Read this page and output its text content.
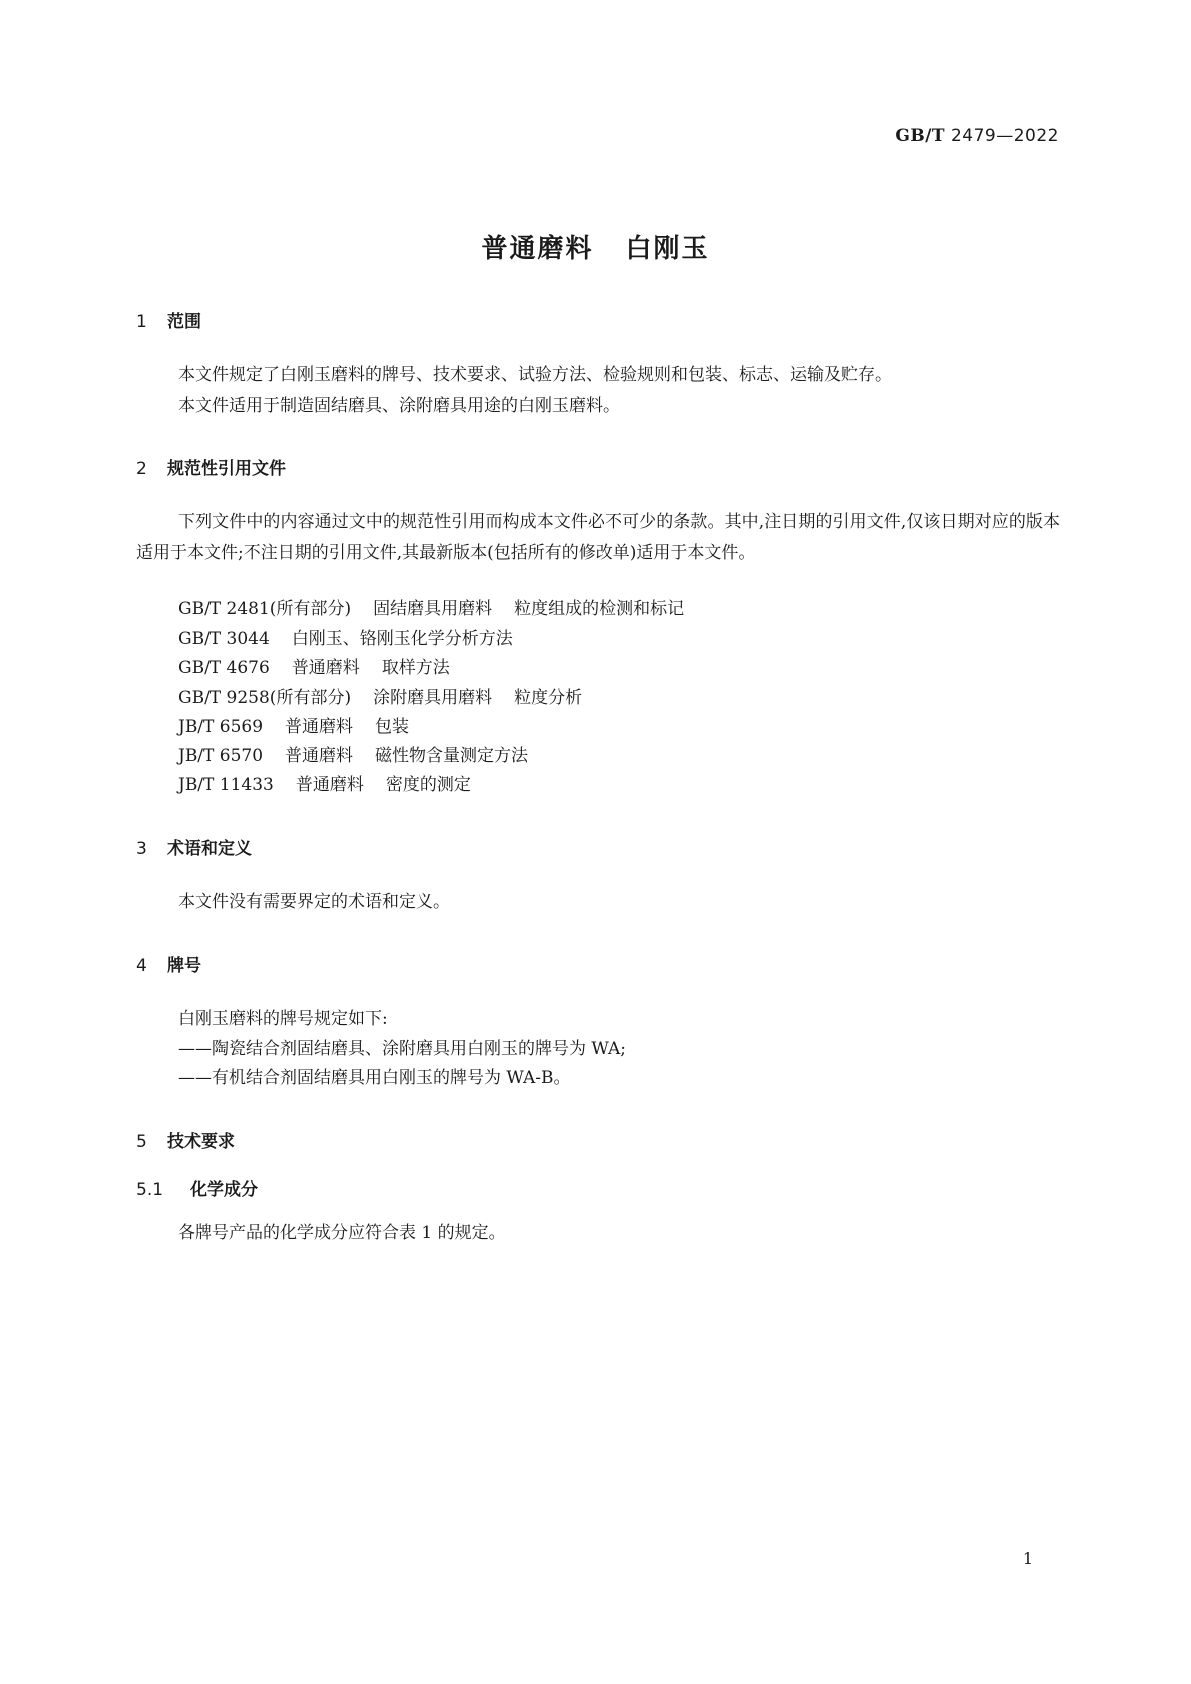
GB/T 2479—2022
普通磨料 白刚玉
1 范围
本文件规定了白刚玉磨料的牌号、技术要求、试验方法、检验规则和包装、标志、运输及贮存。
本文件适用于制造固结磨具、涂附磨具用途的白刚玉磨料。
2 规范性引用文件
下列文件中的内容通过文中的规范性引用而构成本文件必不可少的条款。其中,注日期的引用文件,仅该日期对应的版本适用于本文件;不注日期的引用文件,其最新版本(包括所有的修改单)适用于本文件。
GB/T 2481(所有部分) 固结磨具用磨料 粒度组成的检测和标记
GB/T 3044 白刚玉、铬刚玉化学分析方法
GB/T 4676 普通磨料 取样方法
GB/T 9258(所有部分) 涂附磨具用磨料 粒度分析
JB/T 6569 普通磨料 包装
JB/T 6570 普通磨料 磁性物含量测定方法
JB/T 11433 普通磨料 密度的测定
3 术语和定义
本文件没有需要界定的术语和定义。
4 牌号
白刚玉磨料的牌号规定如下:
——陶瓷结合剂固结磨具、涂附磨具用白刚玉的牌号为 WA;
——有机结合剂固结磨具用白刚玉的牌号为 WA-B。
5 技术要求
5.1 化学成分
各牌号产品的化学成分应符合表 1 的规定。
1
